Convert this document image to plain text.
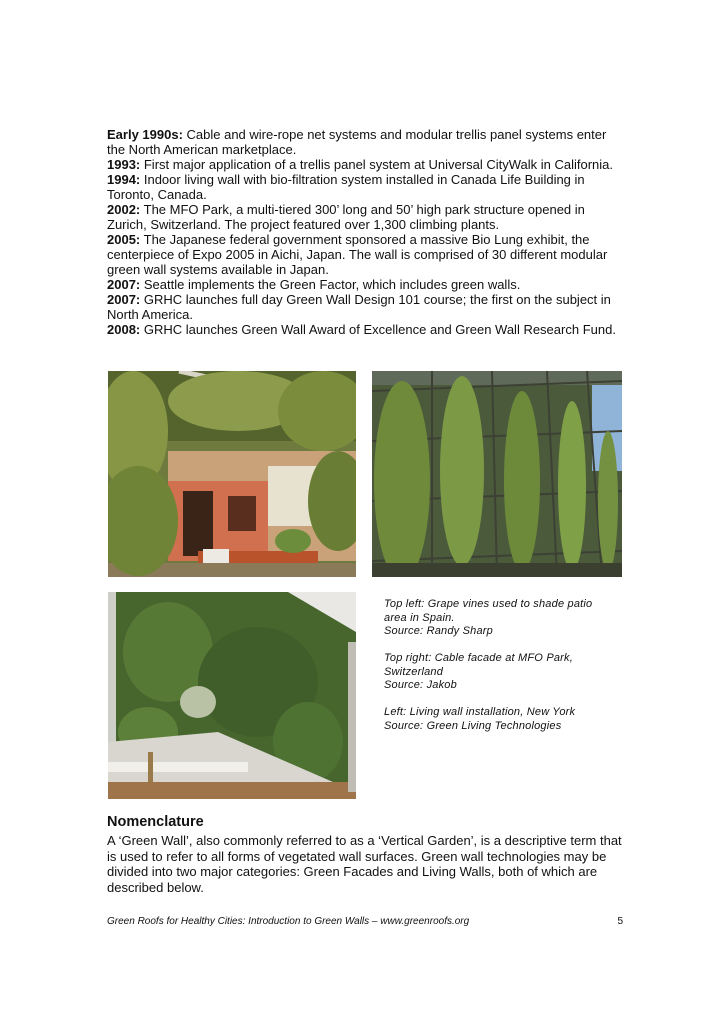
Early 1990s: Cable and wire-rope net systems and modular trellis panel systems enter the North American marketplace.

1993: First major application of a trellis panel system at Universal CityWalk in California.

1994: Indoor living wall with bio-filtration system installed in Canada Life Building in Toronto, Canada.

2002: The MFO Park, a multi-tiered 300’ long and 50’ high park structure opened in Zurich, Switzerland. The project featured over 1,300 climbing plants.

2005: The Japanese federal government sponsored a massive Bio Lung exhibit, the centerpiece of Expo 2005 in Aichi, Japan. The wall is comprised of 30 different modular green wall systems available in Japan.

2007: Seattle implements the Green Factor, which includes green walls.

2007: GRHC launches full day Green Wall Design 101 course; the first on the subject in North America.

2008: GRHC launches Green Wall Award of Excellence and Green Wall Research Fund.

Top left: Grape vines used to shade patio
area in Spain.
Source: Randy Sharp
Top right: Cable facade at MFO Park,
Switzerland
Source: Jakob
Left: Living wall installation, New York
Source: Green Living Technologies
Nomenclature

A ‘Green Wall’, also commonly referred to as a ‘Vertical Garden’, is a descriptive term that is used to refer to all forms of vegetated wall surfaces. Green wall technologies may be divided into two major categories: Green Facades and Living Walls, both of which are described below.

Green Roofs for Healthy Cities: Introduction to Green Walls – www.greenroofs.org	5
